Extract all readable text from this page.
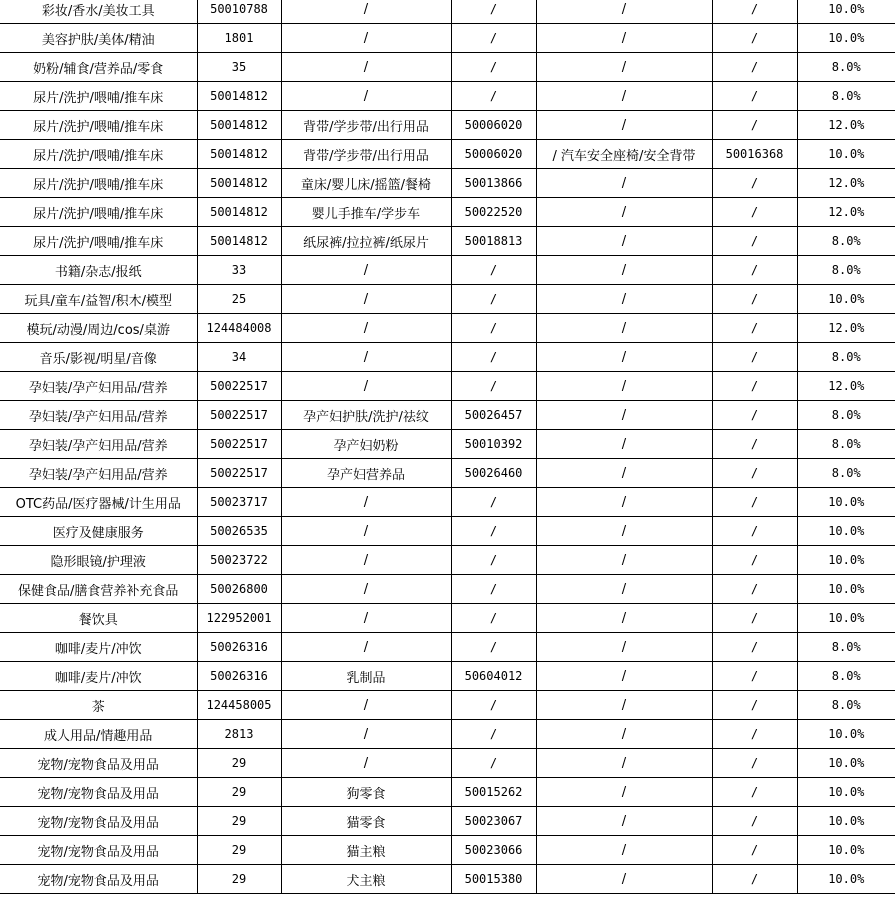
彩妆/香水/美妆工具	50010788	/	/	/	/	10.0%
美容护肤/美体/精油	1801	/	/	/	/	10.0%
奶粉/辅食/营养品/零食	35	/	/	/	/	8.0%
尿片/洗护/喂哺/推车床	50014812	/	/	/	/	8.0%
尿片/洗护/喂哺/推车床	50014812	背带/学步带/出行用品	50006020	/	/	12.0%
尿片/洗护/喂哺/推车床	50014812	背带/学步带/出行用品	50006020	/ 汽车安全座椅/安全背带	50016368	10.0%
尿片/洗护/喂哺/推车床	50014812	童床/婴儿床/摇篮/餐椅	50013866	/	/	12.0%
尿片/洗护/喂哺/推车床	50014812	婴儿手推车/学步车	50022520	/	/	12.0%
尿片/洗护/喂哺/推车床	50014812	纸尿裤/拉拉裤/纸尿片	50018813	/	/	8.0%
书籍/杂志/报纸	33	/	/	/	/	8.0%
玩具/童车/益智/积木/模型	25	/	/	/	/	10.0%
模玩/动漫/周边/cos/桌游	124484008	/	/	/	/	12.0%
音乐/影视/明星/音像	34	/	/	/	/	8.0%
孕妇装/孕产妇用品/营养	50022517	/	/	/	/	12.0%
孕妇装/孕产妇用品/营养	50022517	孕产妇护肤/洗护/祛纹	50026457	/	/	8.0%
孕妇装/孕产妇用品/营养	50022517	孕产妇奶粉	50010392	/	/	8.0%
孕妇装/孕产妇用品/营养	50022517	孕产妇营养品	50026460	/	/	8.0%
OTC药品/医疗器械/计生用品	50023717	/	/	/	/	10.0%
医疗及健康服务	50026535	/	/	/	/	10.0%
隐形眼镜/护理液	50023722	/	/	/	/	10.0%
保健食品/膳食营养补充食品	50026800	/	/	/	/	10.0%
餐饮具	122952001	/	/	/	/	10.0%
咖啡/麦片/冲饮	50026316	/	/	/	/	8.0%
咖啡/麦片/冲饮	50026316	乳制品	50604012	/	/	8.0%
茶	124458005	/	/	/	/	8.0%
成人用品/情趣用品	2813	/	/	/	/	10.0%
宠物/宠物食品及用品	29	/	/	/	/	10.0%
宠物/宠物食品及用品	29	狗零食	50015262	/	/	10.0%
宠物/宠物食品及用品	29	猫零食	50023067	/	/	10.0%
宠物/宠物食品及用品	29	猫主粮	50023066	/	/	10.0%
宠物/宠物食品及用品	29	犬主粮	50015380	/	/	10.0%
